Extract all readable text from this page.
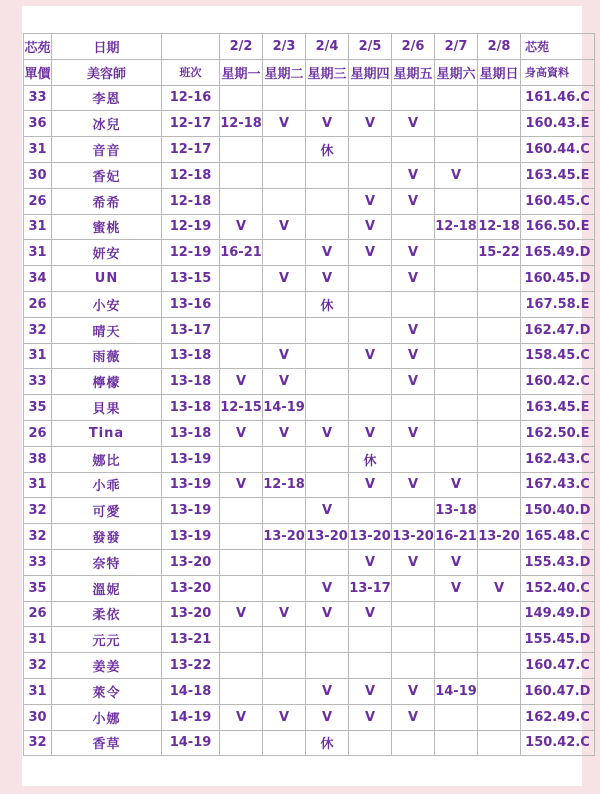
芯苑	日期		2/2	2/3	2/4	2/5	2/6	2/7	2/8	芯苑
單價	美容師	班次	星期一	星期二	星期三	星期四	星期五	星期六	星期日	身高資料
33	李恩	12-16								161.46.C
36	冰兒	12-17	12-18	V	V	V	V			160.43.E
31	音音	12-17			休					160.44.C
30	香妃	12-18					V	V		163.45.E
26	希希	12-18				V	V			160.45.C
31	蜜桃	12-19	V	V		V		12-18	12-18	166.50.E
31	妍安	12-19	16-21		V	V	V		15-22	165.49.D
34	UN	13-15		V	V		V			160.45.D
26	小安	13-16			休					167.58.E
32	晴天	13-17					V			162.47.D
31	雨薇	13-18		V		V	V			158.45.C
33	檸檬	13-18	V	V			V			160.42.C
35	貝果	13-18	12-15	14-19						163.45.E
26	Tina	13-18	V	V	V	V	V			162.50.E
38	娜比	13-19				休				162.43.C
31	小乖	13-19	V	12-18		V	V	V		167.43.C
32	可愛	13-19			V			13-18		150.40.D
32	發發	13-19		13-20	13-20	13-20	13-20	16-21	13-20	165.48.C
33	奈特	13-20				V	V	V		155.43.D
35	溫妮	13-20			V	13-17		V	V	152.40.C
26	柔依	13-20	V	V	V	V				149.49.D
31	元元	13-21								155.45.D
32	姜姜	13-22								160.47.C
31	萊令	14-18			V	V	V	14-19		160.47.D
30	小娜	14-19	V	V	V	V	V			162.49.C
32	香草	14-19			休					150.42.C
